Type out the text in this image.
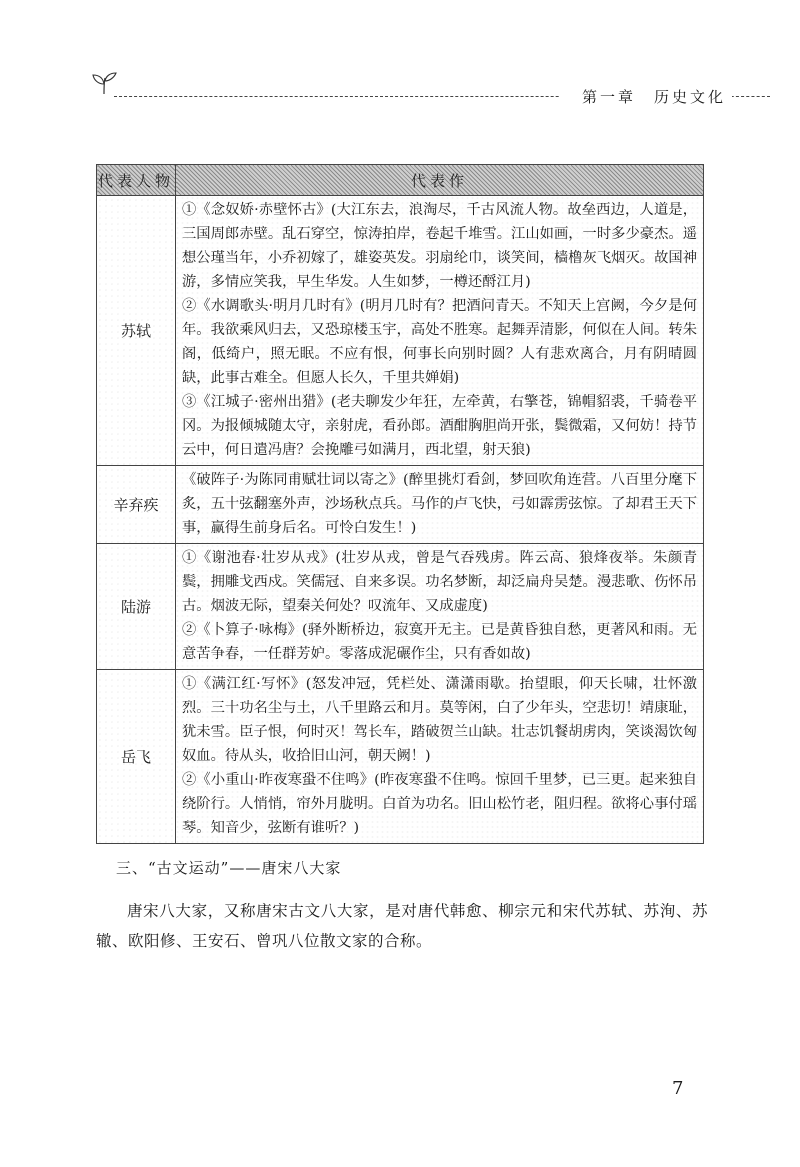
第一章　历史文化
代表人物	代表作
苏轼	①《念奴娇·赤壁怀古》(大江东去，浪淘尽，千古风流人物。故垒西边，人道是，三国周郎赤壁。乱石穿空，惊涛拍岸，卷起千堆雪。江山如画，一时多少豪杰。遥想公瑾当年，小乔初嫁了，雄姿英发。羽扇纶巾，谈笑间，樯橹灰飞烟灭。故国神游，多情应笑我，早生华发。人生如梦，一樽还酹江月)

②《水调歌头·明月几时有》(明月几时有？把酒问青天。不知天上宫阙，今夕是何年。我欲乘风归去，又恐琼楼玉宇，高处不胜寒。起舞弄清影，何似在人间。转朱阁，低绮户，照无眠。不应有恨，何事长向别时圆？人有悲欢离合，月有阴晴圆缺，此事古难全。但愿人长久，千里共婵娟)

③《江城子·密州出猎》(老夫聊发少年狂，左牵黄，右擎苍，锦帽貂裘，千骑卷平冈。为报倾城随太守，亲射虎，看孙郎。酒酣胸胆尚开张，鬓微霜，又何妨！持节云中，何日遣冯唐？会挽雕弓如满月，西北望，射天狼)

辛弃疾	《破阵子·为陈同甫赋壮词以寄之》(醉里挑灯看剑，梦回吹角连营。八百里分麾下炙，五十弦翻塞外声，沙场秋点兵。马作的卢飞快，弓如霹雳弦惊。了却君王天下事，赢得生前身后名。可怜白发生！)

陆游	①《谢池春·壮岁从戎》(壮岁从戎，曾是气吞残虏。阵云高、狼烽夜举。朱颜青鬓，拥雕戈西戍。笑儒冠、自来多误。功名梦断，却泛扁舟吴楚。漫悲歌、伤怀吊古。烟波无际，望秦关何处？叹流年、又成虚度)

②《卜算子·咏梅》(驿外断桥边，寂寞开无主。已是黄昏独自愁，更著风和雨。无意苦争春，一任群芳妒。零落成泥碾作尘，只有香如故)

岳飞	①《满江红·写怀》(怒发冲冠，凭栏处、潇潇雨歇。抬望眼，仰天长啸，壮怀激烈。三十功名尘与土，八千里路云和月。莫等闲，白了少年头，空悲切！靖康耻，犹未雪。臣子恨，何时灭！驾长车，踏破贺兰山缺。壮志饥餐胡虏肉，笑谈渴饮匈奴血。待从头，收拾旧山河，朝天阙！)

②《小重山·昨夜寒蛩不住鸣》(昨夜寒蛩不住鸣。惊回千里梦，已三更。起来独自绕阶行。人悄悄，帘外月胧明。白首为功名。旧山松竹老，阻归程。欲将心事付瑶琴。知音少，弦断有谁听？)

三、“古文运动”——唐宋八大家

唐宋八大家，又称唐宋古文八大家，是对唐代韩愈、柳宗元和宋代苏轼、苏洵、苏辙、欧阳修、王安石、曾巩八位散文家的合称。

7
